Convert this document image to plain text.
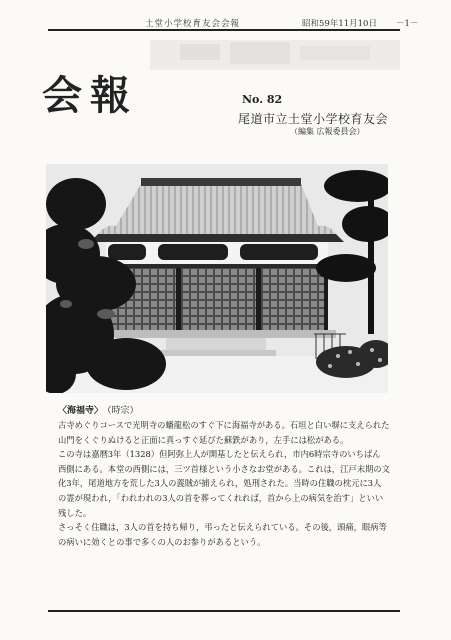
土堂小学校育友会会報	昭和59年11月10日 －1－
会報	No. 82
尾道市立土堂小学校育友会
（編集 広報委員会）
〈海福寺〉 （時宗）
古寺めぐりコースで光明寺の蟠龍松のすぐ下に海福寺がある。石垣と白い塀に支えられた
山門をくぐりぬけると正面に真っすぐ延びた蘇鉄があり，左手には松がある。
この寺は嘉暦3年（1328）但阿弥上人が開基したと伝えられ，市内6時宗寺のいちばん
西側にある。本堂の西側には，三ツ首様という小さなお堂がある。これは，江戸末期の文
化3年，尾道地方を荒した3人の義賊が捕えられ，処刑された。当時の住職の枕元に3人
の霊が現われ，「われわれの3人の首を葬ってくれれば，首から上の病気を治す」といい
残した。
さっそく住職は，3人の首を持ち帰り，弔ったと伝えられている。その後，頭痛，眼病等
の病いに効くとの事で多くの人のお参りがあるという。
